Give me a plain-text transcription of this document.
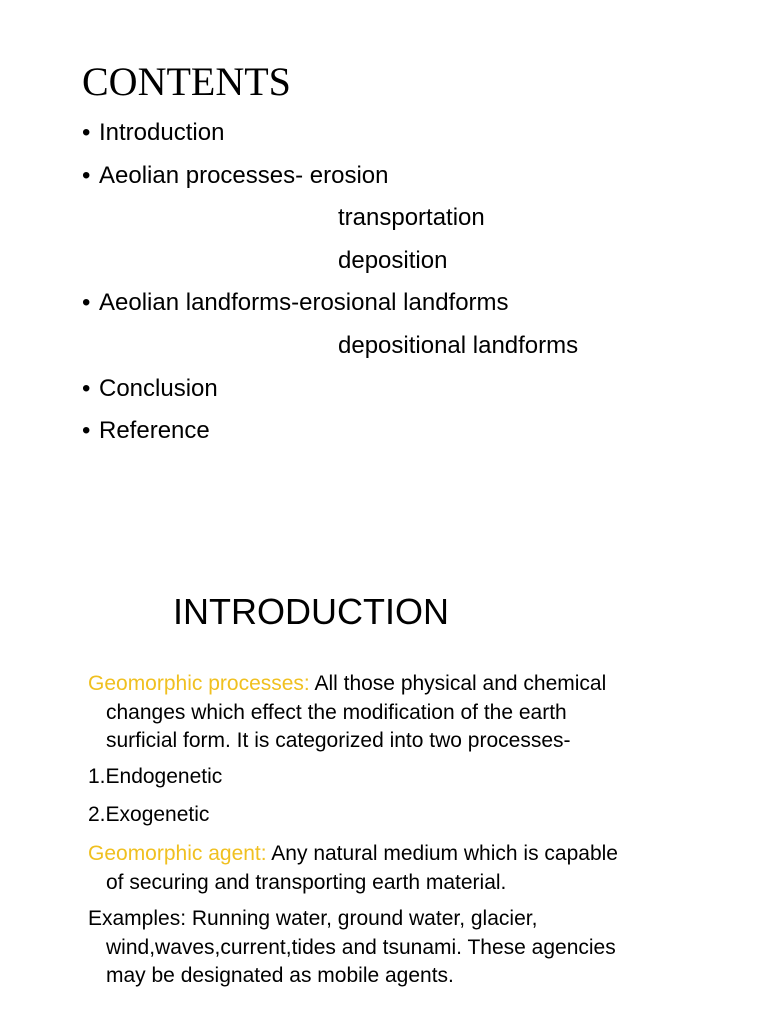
CONTENTS
• Introduction
• Aeolian processes- erosion
transportation
deposition
• Aeolian landforms-erosional landforms
depositional landforms
• Conclusion
• Reference
INTRODUCTION

Geomorphic processes: All those physical and chemical
changes which effect the modification of the earth
surficial form. It is categorized into two processes-

1.Endogenetic

2.Exogenetic

Geomorphic agent: Any natural medium which is capable
of securing and transporting earth material.

Examples: Running water, ground water, glacier,
wind,waves,current,tides and tsunami. These agencies
may be designated as mobile agents.
